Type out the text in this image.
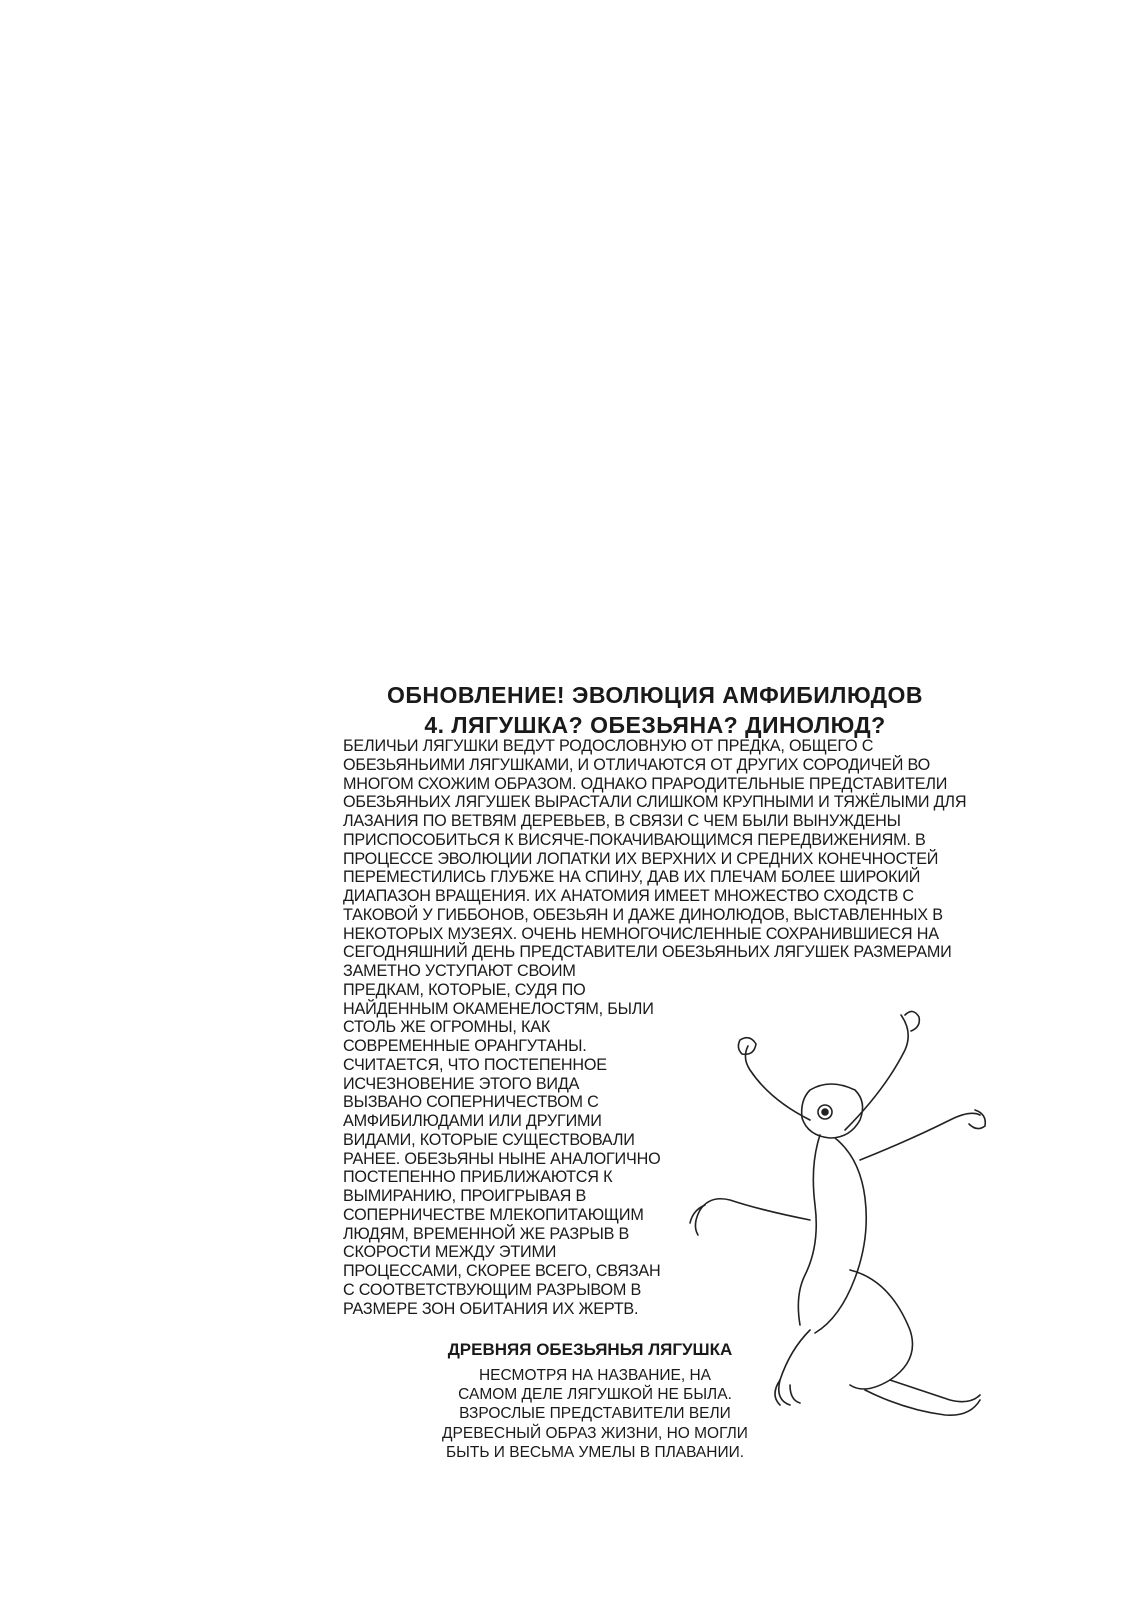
ОБНОВЛЕНИЕ! ЭВОЛЮЦИЯ АМФИБИЛЮДОВ
4. ЛЯГУШКА? ОБЕЗЬЯНА? ДИНОЛЮД?
БЕЛИЧЬИ ЛЯГУШКИ ВЕДУТ РОДОСЛОВНУЮ ОТ ПРЕДКА, ОБЩЕГО С
ОБЕЗЬЯНЬИМИ ЛЯГУШКАМИ, И ОТЛИЧАЮТСЯ ОТ ДРУГИХ СОРОДИЧЕЙ ВО
МНОГОМ СХОЖИМ ОБРАЗОМ. ОДНАКО ПРАРОДИТЕЛЬНЫЕ ПРЕДСТАВИТЕЛИ
ОБЕЗЬЯНЬИХ ЛЯГУШЕК ВЫРАСТАЛИ СЛИШКОМ КРУПНЫМИ И ТЯЖЁЛЫМИ ДЛЯ
ЛАЗАНИЯ ПО ВЕТВЯМ ДЕРЕВЬЕВ, В СВЯЗИ С ЧЕМ БЫЛИ ВЫНУЖДЕНЫ
ПРИСПОСОБИТЬСЯ К ВИСЯЧЕ-ПОКАЧИВАЮЩИМСЯ ПЕРЕДВИЖЕНИЯМ. В
ПРОЦЕССЕ ЭВОЛЮЦИИ ЛОПАТКИ ИХ ВЕРХНИХ И СРЕДНИХ КОНЕЧНОСТЕЙ
ПЕРЕМЕСТИЛИСЬ ГЛУБЖЕ НА СПИНУ, ДАВ ИХ ПЛЕЧАМ БОЛЕЕ ШИРОКИЙ
ДИАПАЗОН ВРАЩЕНИЯ. ИХ АНАТОМИЯ ИМЕЕТ МНОЖЕСТВО СХОДСТВ С
ТАКОВОЙ У ГИББОНОВ, ОБЕЗЬЯН И ДАЖЕ ДИНОЛЮДОВ, ВЫСТАВЛЕННЫХ В
НЕКОТОРЫХ МУЗЕЯХ. ОЧЕНЬ НЕМНОГОЧИСЛЕННЫЕ СОХРАНИВШИЕСЯ НА
СЕГОДНЯШНИЙ ДЕНЬ ПРЕДСТАВИТЕЛИ ОБЕЗЬЯНЬИХ ЛЯГУШЕК РАЗМЕРАМИ
ЗАМЕТНО УСТУПАЮТ СВОИМ
ПРЕДКАМ, КОТОРЫЕ, СУДЯ ПО
НАЙДЕННЫМ ОКАМЕНЕЛОСТЯМ, БЫЛИ
СТОЛЬ ЖЕ ОГРОМНЫ, КАК
СОВРЕМЕННЫЕ ОРАНГУТАНЫ.
СЧИТАЕТСЯ, ЧТО ПОСТЕПЕННОЕ
ИСЧЕЗНОВЕНИЕ ЭТОГО ВИДА
ВЫЗВАНО СОПЕРНИЧЕСТВОМ С
АМФИБИЛЮДАМИ ИЛИ ДРУГИМИ
ВИДАМИ, КОТОРЫЕ СУЩЕСТВОВАЛИ
РАНЕЕ. ОБЕЗЬЯНЫ НЫНЕ АНАЛОГИЧНО
ПОСТЕПЕННО ПРИБЛИЖАЮТСЯ К
ВЫМИРАНИЮ, ПРОИГРЫВАЯ В
СОПЕРНИЧЕСТВЕ МЛЕКОПИТАЮЩИМ
ЛЮДЯМ, ВРЕМЕННОЙ ЖЕ РАЗРЫВ В
СКОРОСТИ МЕЖДУ ЭТИМИ
ПРОЦЕССАМИ, СКОРЕЕ ВСЕГО, СВЯЗАН
С СООТВЕТСТВУЮЩИМ РАЗРЫВОМ В
РАЗМЕРЕ ЗОН ОБИТАНИЯ ИХ ЖЕРТВ.
ДРЕВНЯЯ ОБЕЗЬЯНЬЯ ЛЯГУШКА
НЕСМОТРЯ НА НАЗВАНИЕ, НА
САМОМ ДЕЛЕ ЛЯГУШКОЙ НЕ БЫЛА.
ВЗРОСЛЫЕ ПРЕДСТАВИТЕЛИ ВЕЛИ
ДРЕВЕСНЫЙ ОБРАЗ ЖИЗНИ, НО МОГЛИ
БЫТЬ И ВЕСЬМА УМЕЛЫ В ПЛАВАНИИ.
